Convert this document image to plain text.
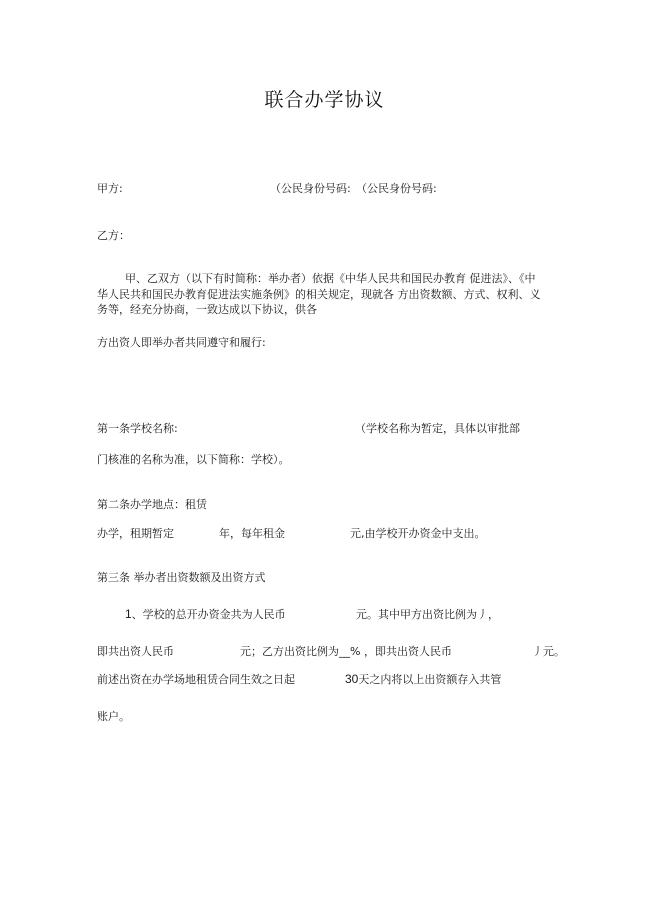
联合办学协议
甲方:	（公民身份号码: （公民身份号码:
乙方：
甲、乙双方（以下有时简称：举办者）依据《中华人民共和国民办教育 促进法》、《中
华人民共和国民办教育促进法实施条例》的相关规定，现就各 方出资数额、方式、权利、义
务等，经充分协商，一致达成以下协议，供各
方出资人即举办者共同遵守和履行:
第一条学校名称:	（学校名称为暂定，具体以审批部
门核准的名称为准，以下简称：学校）。
第二条办学地点：租赁
办学，租期暂定	年，每年租金	元,由学校开办资金中支出。
第三条 举办者出资数额及出资方式
1、学校的总开办资金共为人民币	元。其中甲方出资比例为丿，
即共出资人民币	元；乙方出资比例为__% ，即共出资人民币	丿元。
前述出资在办学场地租赁合同生效之日起	30天之内将以上出资额存入共管
账户。
